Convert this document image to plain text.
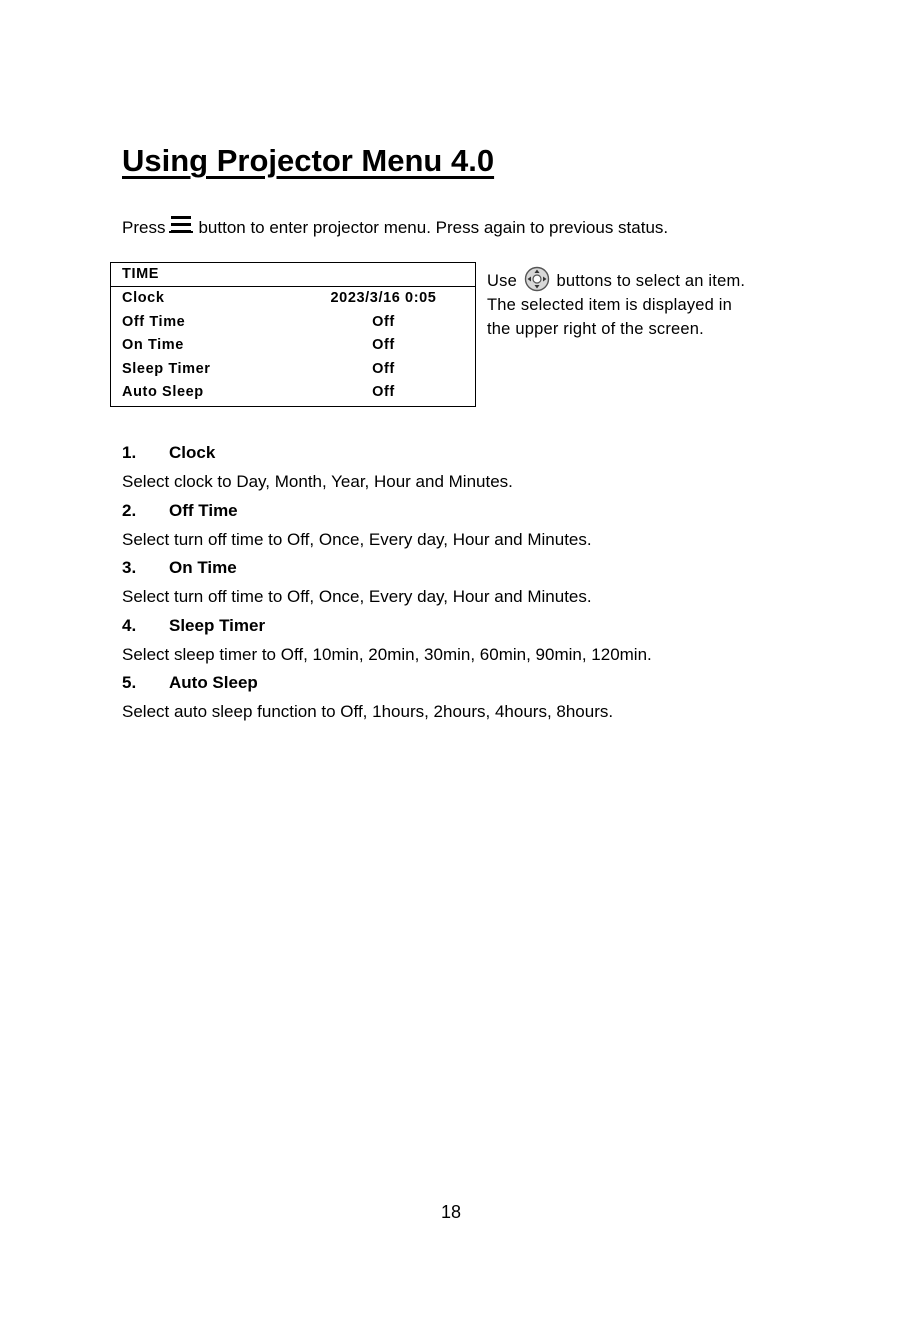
Using Projector Menu 4.0
Press button to enter projector menu. Press again to previous status.
TIME
Clock	2023/3/16 0:05
Off Time	Off
On Time	Off
Sleep Timer	Off
Auto Sleep	Off
Use buttons to select an item.
The selected item is displayed in
the upper right of the screen.
1. Clock
Select clock to Day, Month, Year, Hour and Minutes.
2. Off Time
Select turn off time to Off, Once, Every day, Hour and Minutes.
3. On Time
Select turn off time to Off, Once, Every day, Hour and Minutes.
4. Sleep Timer
Select sleep timer to Off, 10min, 20min, 30min, 60min, 90min, 120min.
5. Auto Sleep
Select auto sleep function to Off, 1hours, 2hours, 4hours, 8hours.
18
